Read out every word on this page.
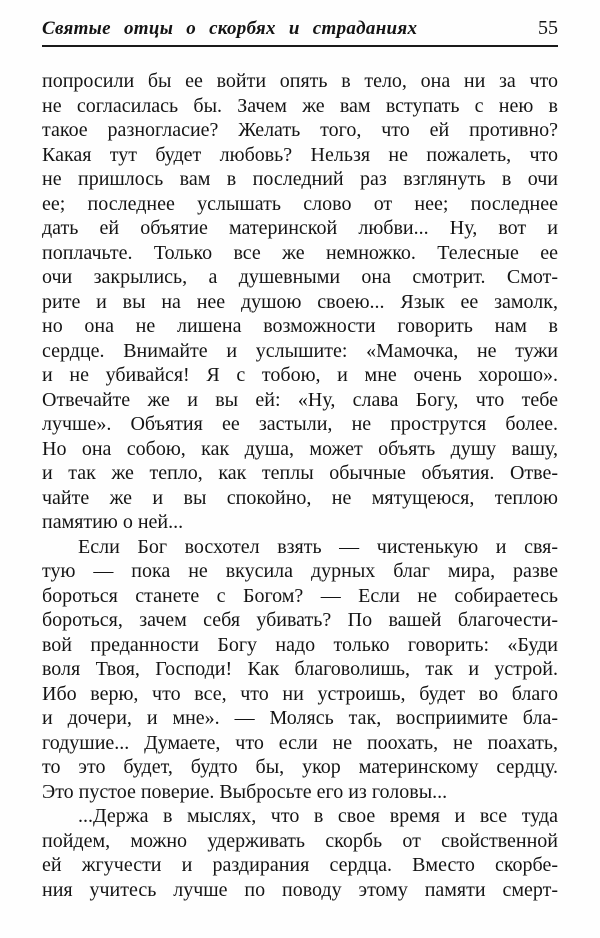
Святые отцы о скорбях и страданиях	55
попросили бы ее войти опять в тело, она ни за что
не согласилась бы. Зачем же вам вступать с нею в
такое разногласие? Желать того, что ей противно?
Какая тут будет любовь? Нельзя не пожалеть, что
не пришлось вам в последний раз взглянуть в очи
ее; последнее услышать слово от нее; последнее
дать ей объятие материнской любви... Ну, вот и
поплачьте. Только все же немножко. Телесные ее
очи закрылись, а душевными она смотрит. Смот-
рите и вы на нее душою своею... Язык ее замолк,
но она не лишена возможности говорить нам в
сердце. Внимайте и услышите: «Мамочка, не тужи
и не убивайся! Я с тобою, и мне очень хорошо».
Отвечайте же и вы ей: «Ну, слава Богу, что тебе
лучше». Объятия ее застыли, не прострутся более.
Но она собою, как душа, может объять душу вашу,
и так же тепло, как теплы обычные объятия. Отве-
чайте же и вы спокойно, не мятущеюся, теплою
памятию о ней...
Если Бог восхотел взять — чистенькую и свя-
тую — пока не вкусила дурных благ мира, разве
бороться станете с Богом? — Если не собираетесь
бороться, зачем себя убивать? По вашей благочести-
вой преданности Богу надо только говорить: «Буди
воля Твоя, Господи! Как благоволишь, так и устрой.
Ибо верю, что все, что ни устроишь, будет во благо
и дочери, и мне». — Молясь так, восприимите бла-
годушие... Думаете, что если не поохать, не поахать,
то это будет, будто бы, укор материнскому сердцу.
Это пустое поверие. Выбросьте его из головы...
...Держа в мыслях, что в свое время и все туда
пойдем, можно удерживать скорбь от свойственной
ей жгучести и раздирания сердца. Вместо скорбе-
ния учитесь лучше по поводу этому памяти смерт-
